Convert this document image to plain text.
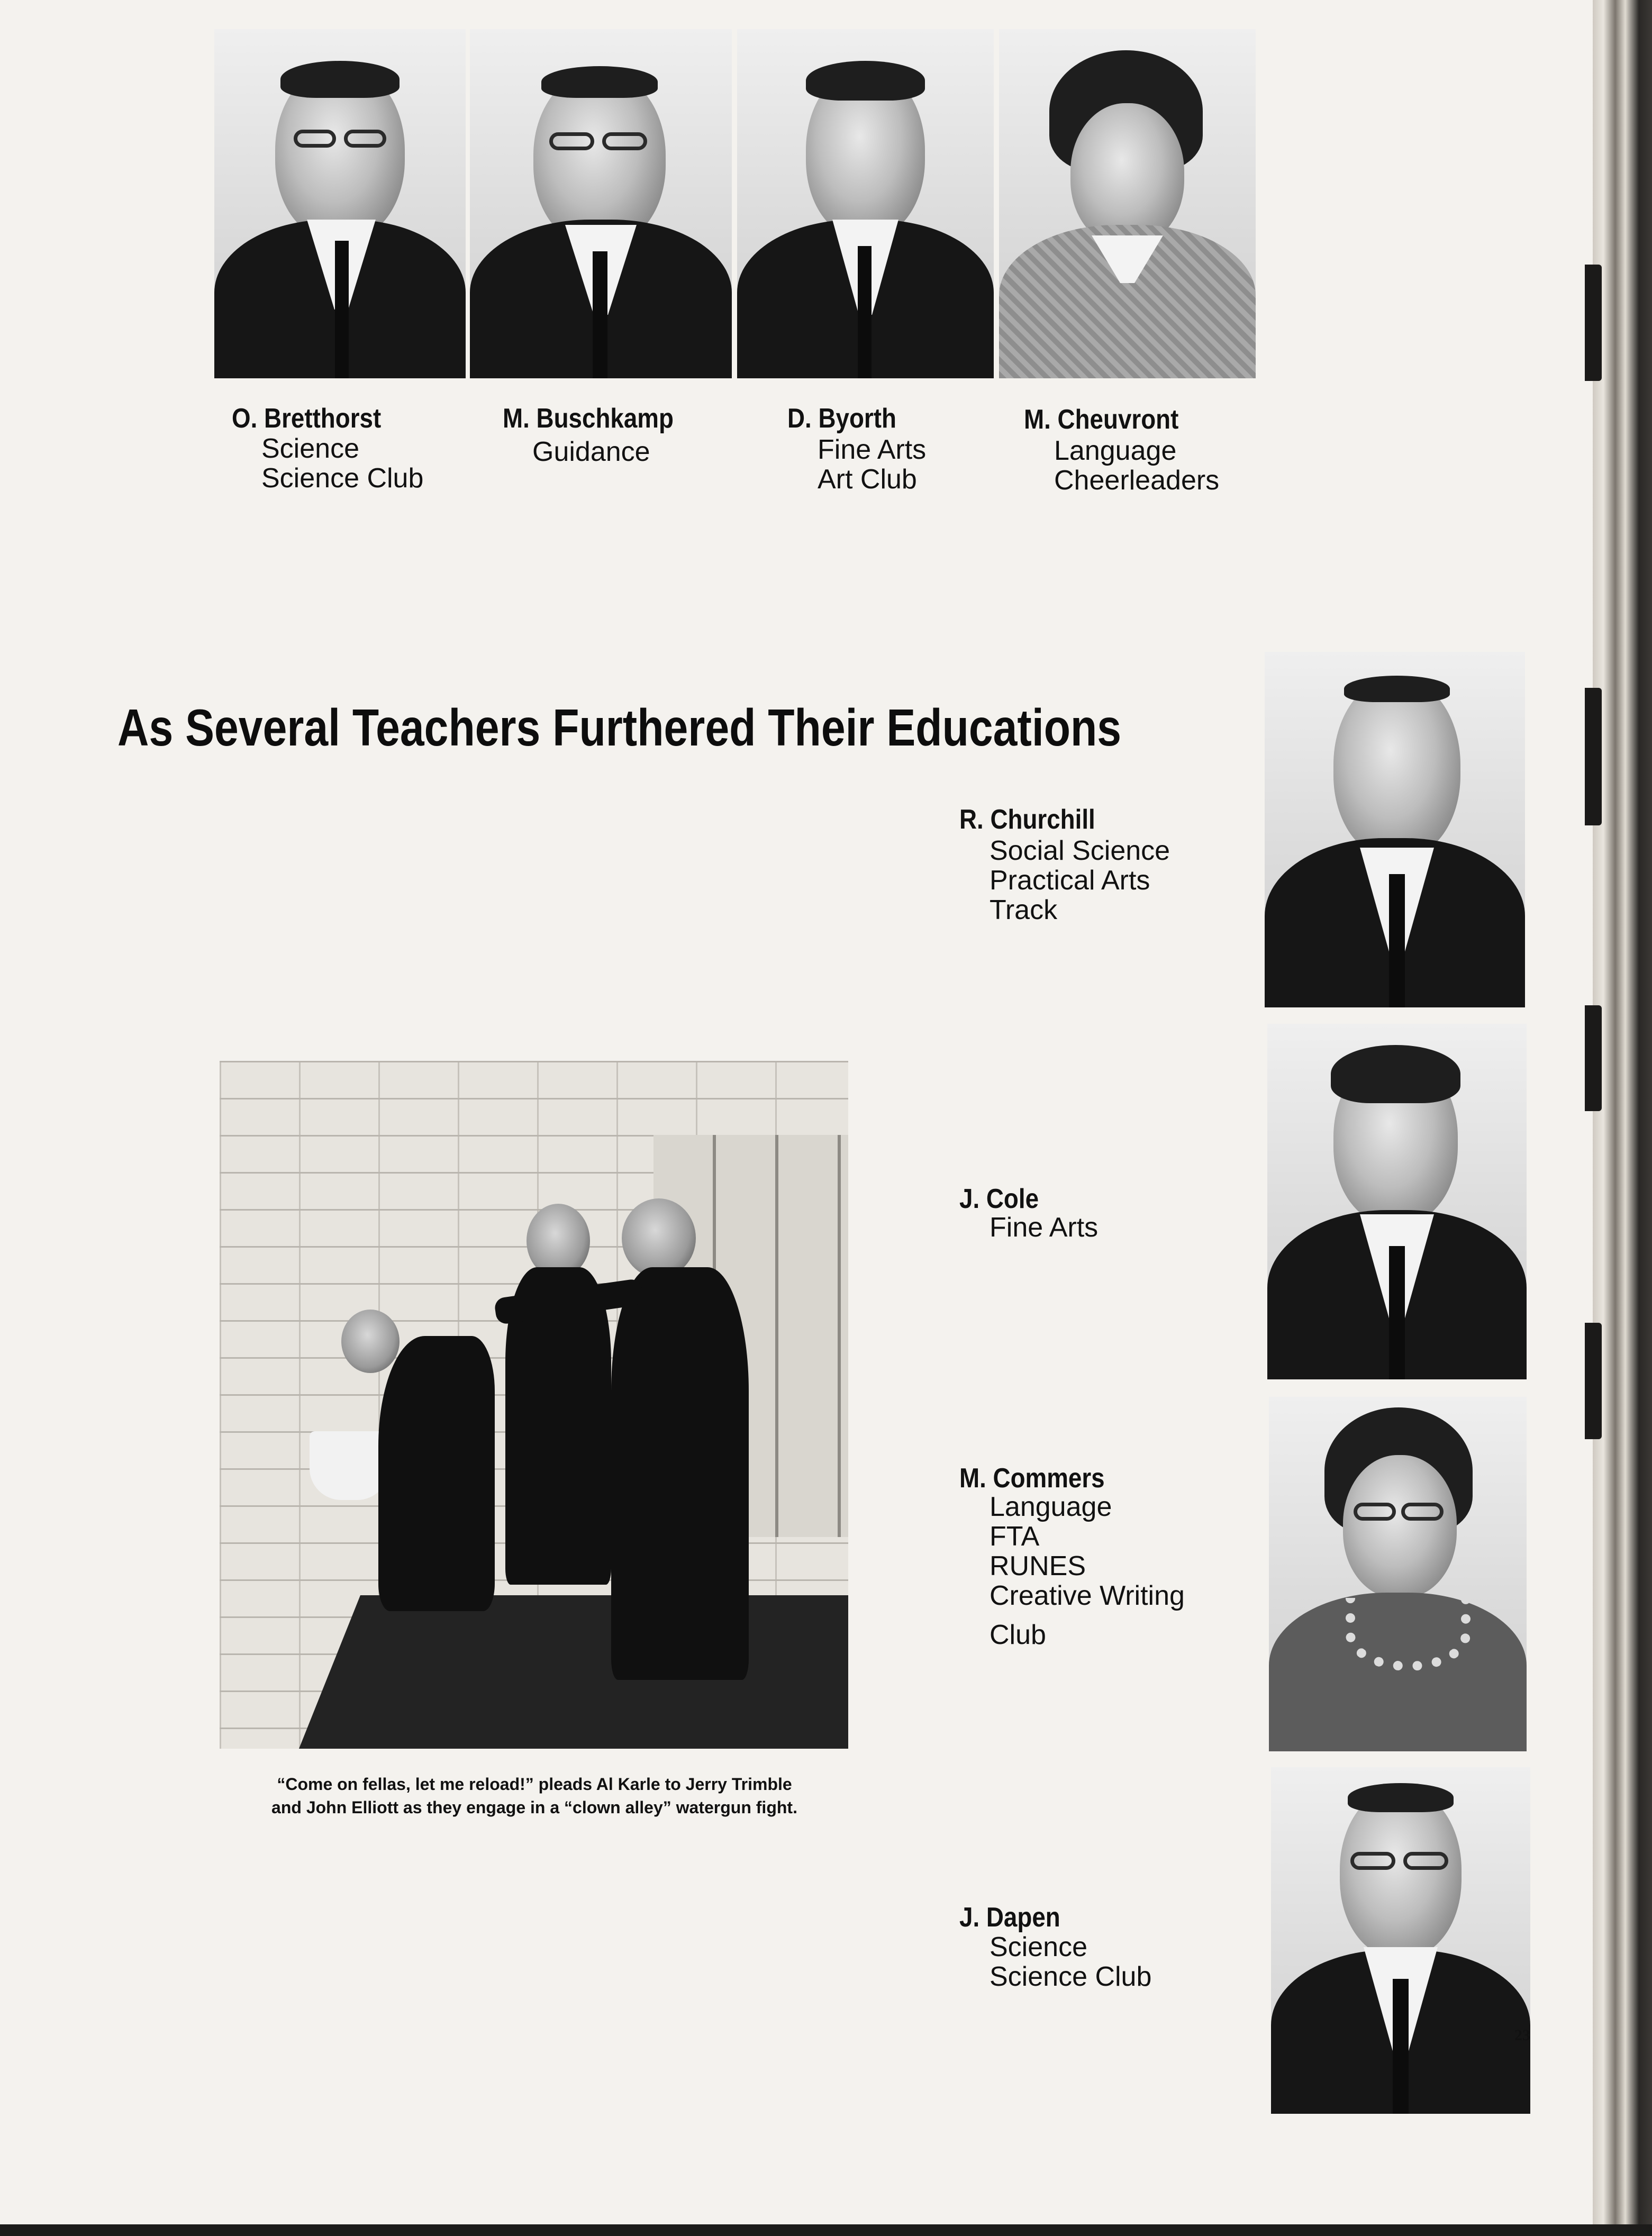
O. Bretthorst
Science
Science Club
M. Buschkamp
Guidance
D. Byorth
Fine Arts
Art Club
M. Cheuvront
Language
Cheerleaders
As Several Teachers Furthered Their Educations
R. Churchill
Social Science
Practical Arts
Track
J. Cole
Fine Arts
M. Commers
Language
FTA
RUNES
Creative Writing
Club
J. Dapen
Science
Science Club
“Come on fellas, let me reload!” pleads Al Karle to Jerry Trimble
and John Elliott as they engage in a “clown alley” watergun fight.
23
